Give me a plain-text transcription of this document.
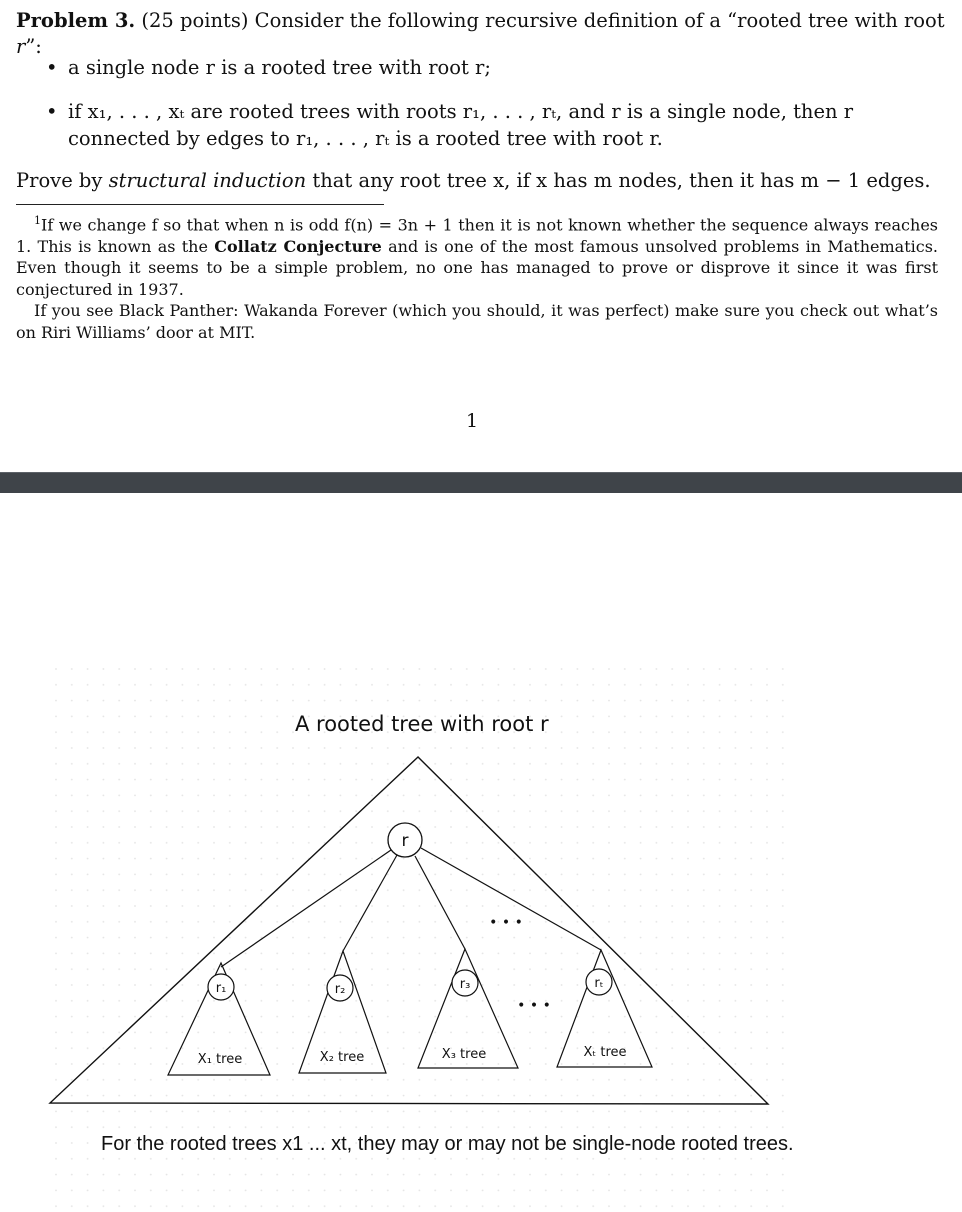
Problem 3. (25 points) Consider the following recursive definition of a “rooted tree with root r”:
• a single node r is a rooted tree with root r;
• if x₁, . . . , xₜ are rooted trees with roots r₁, . . . , rₜ, and r is a single node, then r connected by edges to r₁, . . . , rₜ is a rooted tree with root r.
Prove by structural induction that any root tree x, if x has m nodes, then it has m − 1 edges.

$^1$If we change f so that when n is odd f(n) = 3n + 1 then it is not known whether the sequence always reaches 1. This is known as the Collatz Conjecture and is one of the most famous unsolved problems in Mathematics. Even though it seems to be a simple problem, no one has managed to prove or disprove it since it was first conjectured in 1937.

If you see Black Panther: Wakanda Forever (which you should, it was perfect) make sure you check out what’s on Riri Williams’ door at MIT.

1
A rooted tree with root r
r
• • •
• • •
r₁
X₁ tree
r₂
X₂ tree
r₃
X₃ tree
rₜ
Xₜ tree
For the rooted trees x1 ... xt, they may or may not be single-node rooted trees.
